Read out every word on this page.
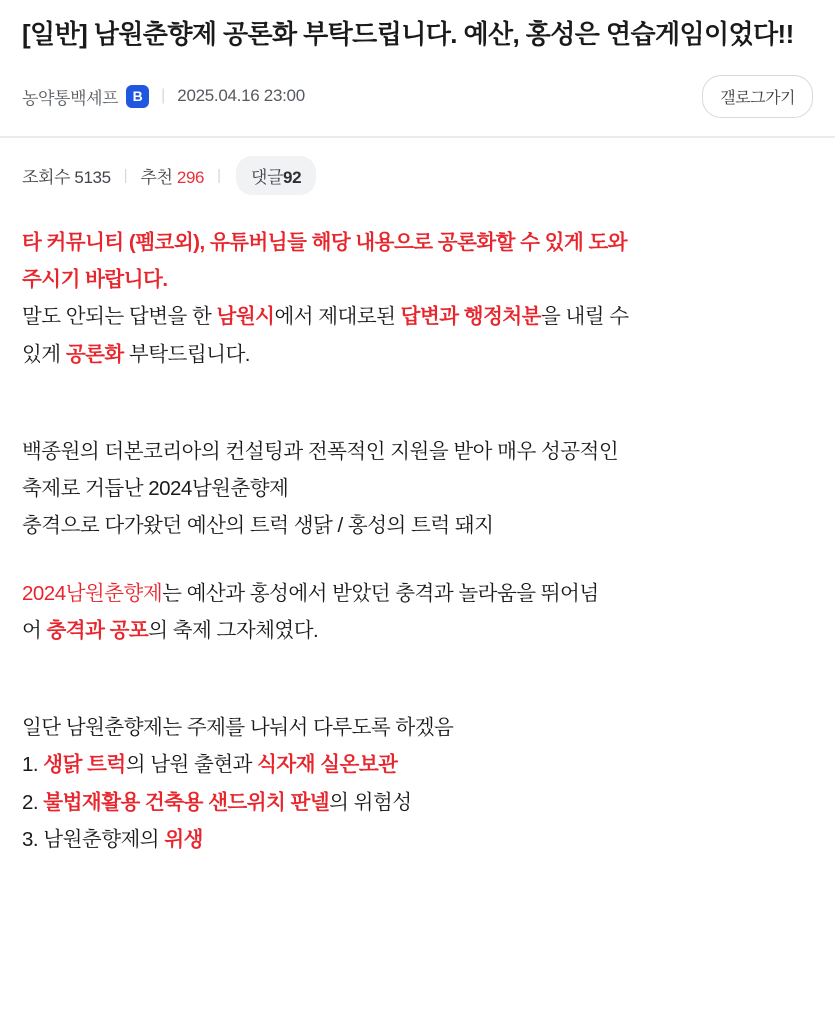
[일반] 남원춘향제 공론화 부탁드립니다. 예산, 홍성은 연습게임이었다!!
농약통백셰프	B	| 2025.04.16 23:00	갤로그가기
조회수 5135 | 추천 296 |	댓글92

타 커뮤니티 (펨코외), 유튜버님들 해당 내용으로 공론화할 수 있게 도와

주시기 바랍니다.

말도 안되는 답변을 한 남원시에서 제대로된 답변과 행정처분을 내릴 수

있게 공론화 부탁드립니다.

백종원의 더본코리아의 컨설팅과 전폭적인 지원을 받아 매우 성공적인

축제로 거듭난 2024남원춘향제

충격으로 다가왔던 예산의 트럭 생닭 / 홍성의 트럭 돼지

2024남원춘향제는 예산과 홍성에서 받았던 충격과 놀라움을 뛰어넘

어 충격과 공포의 축제 그자체였다.

일단 남원춘향제는 주제를 나눠서 다루도록 하겠음

1. 생닭 트럭의 남원 출현과 식자재 실온보관

2. 불법재활용 건축용 샌드위치 판넬의 위험성

3. 남원춘향제의 위생
